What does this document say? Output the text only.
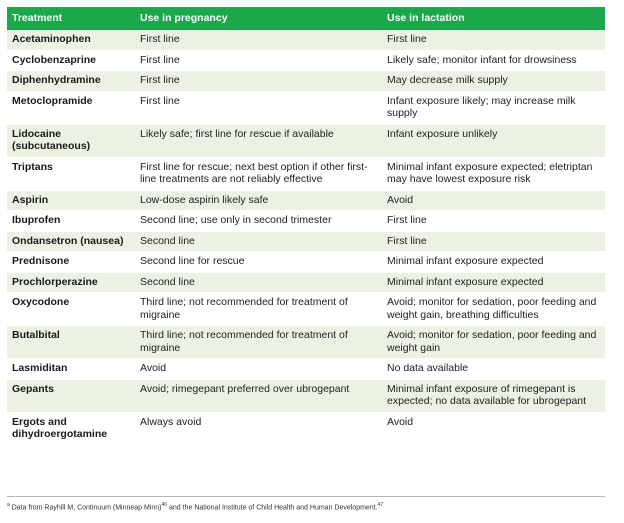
Treatment	Use in pregnancy	Use in lactation
Acetaminophen	First line	First line
Cyclobenzaprine	First line	Likely safe; monitor infant for drowsiness
Diphenhydramine	First line	May decrease milk supply
Metoclopramide	First line	Infant exposure likely; may increase milk supply
Lidocaine (subcutaneous)	Likely safe; first line for rescue if available	Infant exposure unlikely
Triptans	First line for rescue; next best option if other first-line treatments are not reliably effective	Minimal infant exposure expected; eletriptan may have lowest exposure risk
Aspirin	Low-dose aspirin likely safe	Avoid
Ibuprofen	Second line; use only in second trimester	First line
Ondansetron (nausea)	Second line	First line
Prednisone	Second line for rescue	Minimal infant exposure expected
Prochlorperazine	Second line	Minimal infant exposure expected
Oxycodone	Third line; not recommended for treatment of migraine	Avoid; monitor for sedation, poor feeding and weight gain, breathing difficulties
Butalbital	Third line; not recommended for treatment of migraine	Avoid; monitor for sedation, poor feeding and weight gain
Lasmiditan	Avoid	No data available
Gepants	Avoid; rimegepant preferred over ubrogepant	Minimal infant exposure of rimegepant is expected; no data available for ubrogepant
Ergots and dihydroergotamine	Always avoid	Avoid
$^a$ Data from Rayhill M, Continuum (Minneap Minn)$^{46}$ and the National Institute of Child Health and Human Development.$^{47}$
